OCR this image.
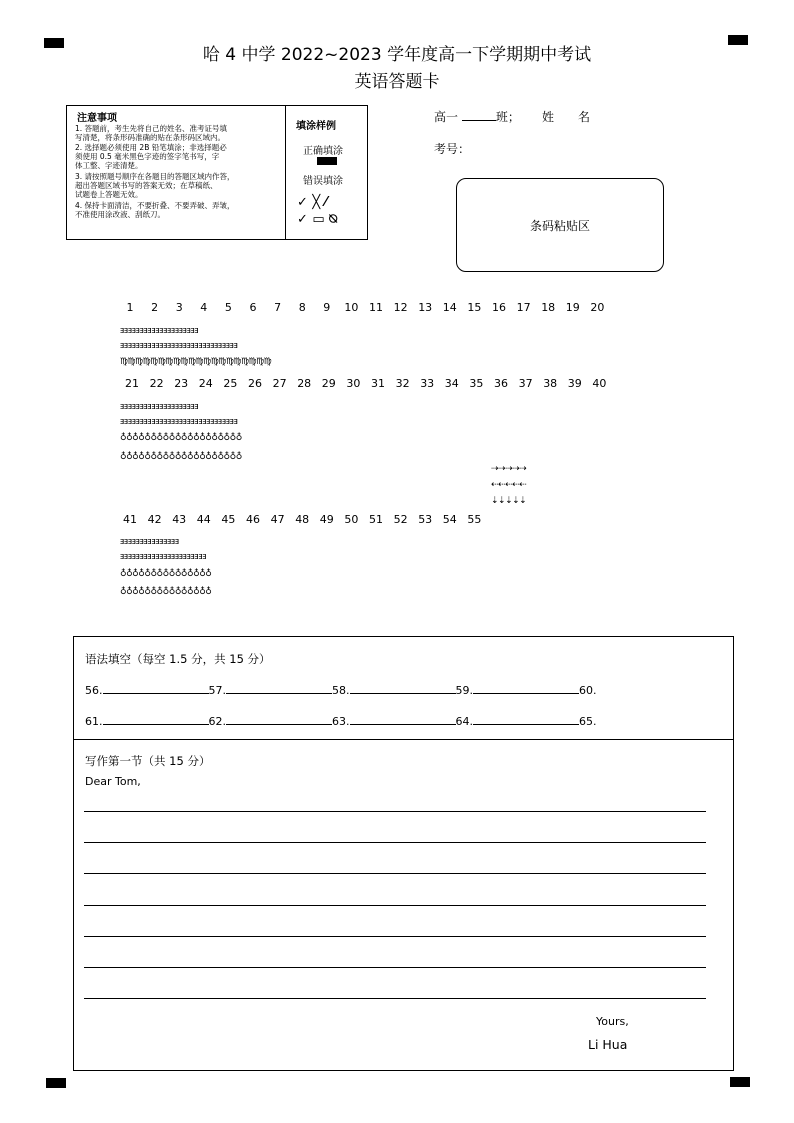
哈 4 中学 2022~2023 学年度高一下学期期中考试
英语答题卡
注意事项
1. 答题前，考生先将自己的姓名、准考证号填
写清楚，将条形码准确的贴在条形码区域内。
2. 选择题必须使用 2B 铅笔填涂；非选择题必
须使用 0.5 毫米黑色字迹的签字笔书写，字
体工整、字迹清楚。
3. 请按照题号顺序在各题目的答题区域内作答，
超出答题区域书写的答案无效；在草稿纸、
试题卷上答题无效。
4. 保持卡面清洁，不要折叠、不要弄破、弄皱，
不准使用涂改液、刮纸刀。
填涂样例
正确填涂
错误填涂
✓ ╳ ⁄
✓ ▭ ⍉
高一	班； 姓　　名
考号：
条码粘贴区
1	2	3	4	5	6	7	8	9	10 11 12 13 14 15 16 17 18 19 20
21 22 23 24 25 26 27 28 29 30 31 32 33 34 35 36 37 38 39 40
41 42 43 44 45 46 47 48 49 50 51 52 53 54 55
ⱻⱻⱻⱻⱻⱻⱻⱻⱻⱻⱻⱻⱻⱻⱻⱻⱻⱻⱻⱻ
ⱻⱻⱻⱻⱻⱻⱻⱻⱻⱻⱻⱻⱻⱻⱻⱻⱻⱻⱻⱻⱻⱻⱻⱻⱻⱻⱻⱻⱻⱻ
♍♍♍♍♍♍♍♍♍♍♍♍♍♍♍♍♍♍♍♍
ⱻⱻⱻⱻⱻⱻⱻⱻⱻⱻⱻⱻⱻⱻⱻⱻⱻⱻⱻⱻ
ⱻⱻⱻⱻⱻⱻⱻⱻⱻⱻⱻⱻⱻⱻⱻⱻⱻⱻⱻⱻⱻⱻⱻⱻⱻⱻⱻⱻⱻⱻ
♁♁♁♁♁♁♁♁♁♁♁♁♁♁♁♁♁♁♁♁
♁♁♁♁♁♁♁♁♁♁♁♁♁♁♁♁♁♁♁♁
⇢⇢⇢⇢⇢
⇠⇠⇠⇠⇠
⇣⇣⇣⇣⇣
ⱻⱻⱻⱻⱻⱻⱻⱻⱻⱻⱻⱻⱻⱻⱻ
ⱻⱻⱻⱻⱻⱻⱻⱻⱻⱻⱻⱻⱻⱻⱻⱻⱻⱻⱻⱻⱻⱻ
♁♁♁♁♁♁♁♁♁♁♁♁♁♁♁
♁♁♁♁♁♁♁♁♁♁♁♁♁♁♁
语法填空（每空 1.5 分，共 15 分）
56.	57.	58.	59.	60.
61.	62.	63.	64.	65.
写作第一节（共 15 分）
Dear Tom,
Yours,
Li Hua
